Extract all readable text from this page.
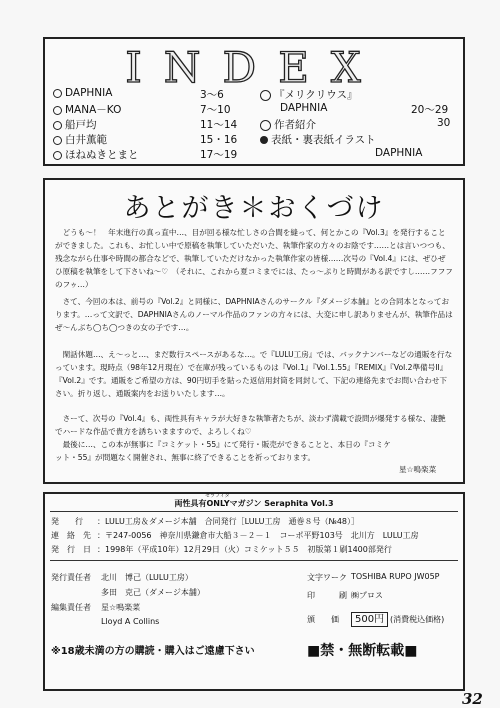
INDEX
DAPHNIA	3～6
MANA－KO	7～10
船戸均	11～14
白井薫範	15・16
ほねぬきとまと	17～19
『メリクリウス』
DAPHNIA	20～29
作者紹介	30
表紙・裏表紙イラスト
DAPHNIA
あとがき＊おくづけ
どうも～！　年末進行の真っ直中…、目が回る様な忙しさの合間を縫って、何とかこの『Vol.3』を発行することができました。これも、お忙しい中で原稿を執筆していただいた、執筆作家の方々のお陰です……とは言いつつも、残念ながら仕事や時間の都合などで、執筆していただけなかった執筆作家の皆様……次号の『Vol.4』には、ぜひぜひ原稿を執筆をして下さいね～♡　（それに、これから夏コミまでには、たっ～ぷりと時間がある訳ですし……フフフのフゥ…）
さて、今回の本は、前号の『Vol.2』と同様に、DAPHNIAさんのサークル『ダメージ本舗』との合同本となっております。…って文訳で、DAPHNIAさんのノーマル作品のファンの方々には、大変に申し訳ありませんが、執筆作品はぜ～んぶち◯ち◯つきの女の子です…。
閑話休題…、え～っと…、まだ数行スペースがあるな…。で『LULU工房』では、バックナンバーなどの通販を行なっています。現時点（98年12月現在）で在庫が残っているものは『Vol.1』『Vol.1.55』『REMIX』『Vol.2準備号II』『Vol.2』です。通販をご希望の方は、90円切手を貼った返信用封筒を同封して、下記の連絡先までお問い合わせ下さい。折り返し、通販案内をお送りいたします…。
さーて、次号の『Vol.4』も、両性具有キャラが大好きな執筆者たちが、淡わず満載で設問が爆発する様な、凄艶でハードな作品で貴方を誘ちいまますので、よろしくね♡
最後に…、この本が無事に『コミケット・55』にて発行・販売ができることと、本日の『コミケット・55』が問題なく開催され、無事に終了できることを祈っております。
星☆鳴楽菜
セラフィタ
両性具有ONLYマガジン Seraphita Vol.3
発　　行 ：LULU工房＆ダメージ本舗　合同発行［LULU工房　通巻８号（№48）］
連　絡　先 ：〒247-0056　神奈川県鎌倉市大船３－２－１　コーポ平野103号　北川方　LULU工房
発　行　日 ：1998年（平成10年）12月29日（火）コミケット５５　初版第１刷1400部発行
発行責任者 北川　博己（LULU工房）
多田　克己（ダメージ本舗）
編集責任者 星☆鳴楽菜
Lloyd A Collins
文字ワーク TOSHIBA RUPO JW05P
印　　　刷 ㈱プロス
頒　　価	500円 (消費税込価格)
※18歳未満の方の購読・購入はご遠慮下さい	■禁・無断転載■
32
